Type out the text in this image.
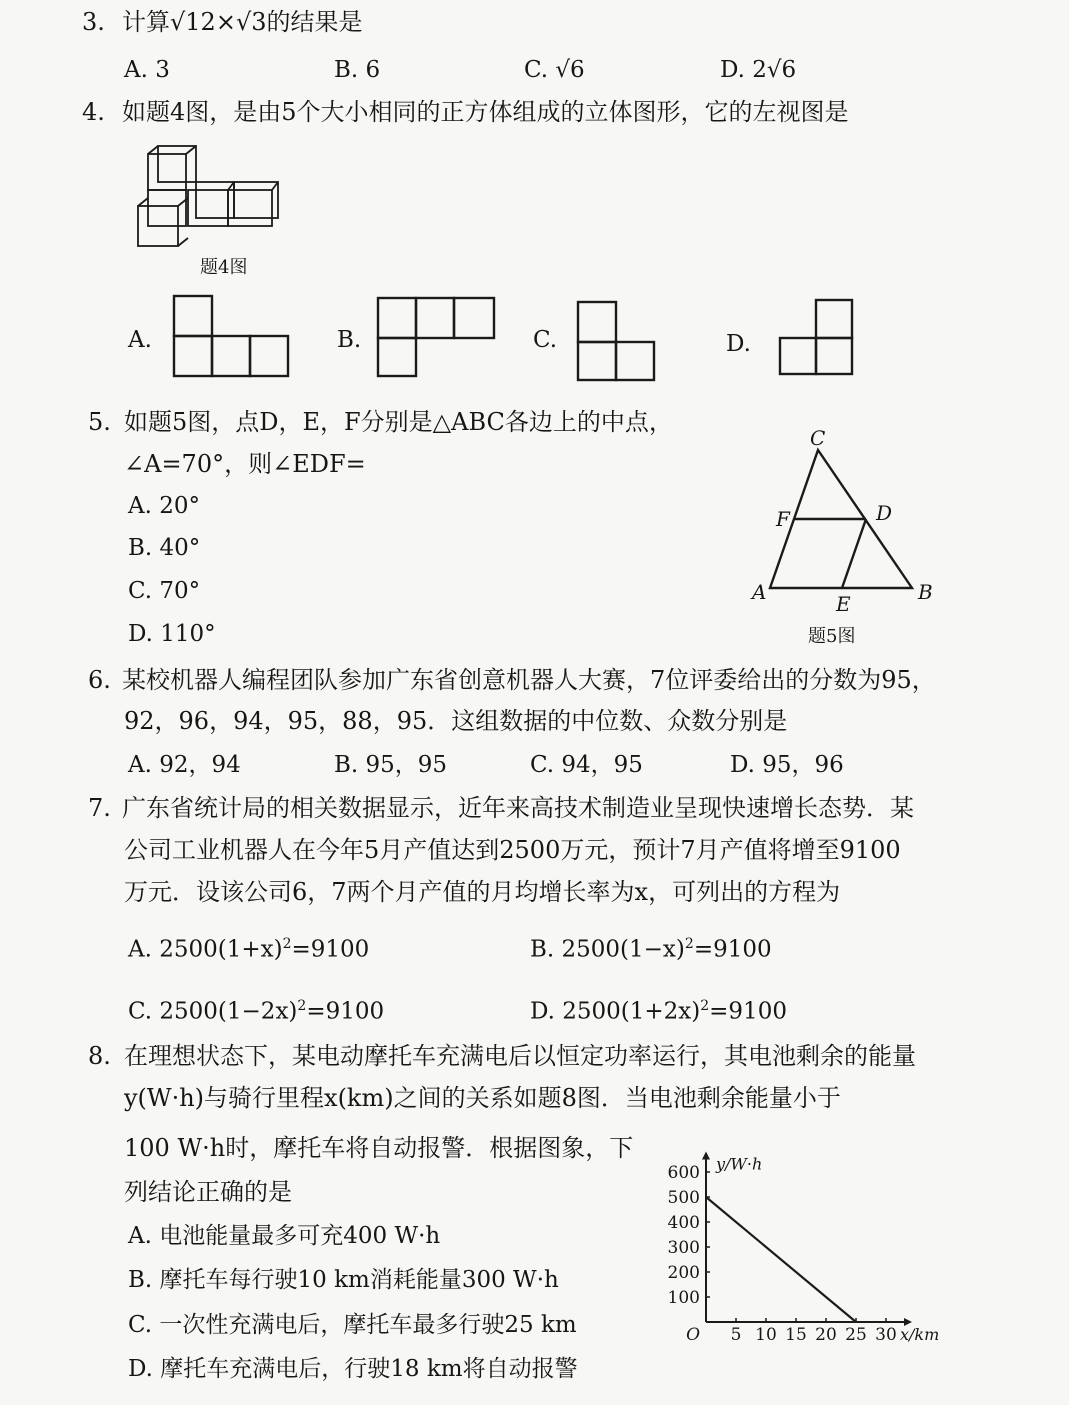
3. 计算√12×√3的结果是
A. 3	B. 6	C. √6	D. 2√6
4. 如题4图，是由5个大小相同的正方体组成的立体图形，它的左视图是
题4图
A.	B.	C.	D.
5. 如题5图，点D，E，F分别是△ABC各边上的中点，
∠A=70°，则∠EDF=
A. 20°
B. 40°
C. 70°
D. 110°
C
F	D
A	E	B
题5图
6. 某校机器人编程团队参加广东省创意机器人大赛，7位评委给出的分数为95，
92，96，94，95，88，95．这组数据的中位数、众数分别是
A. 92，94	B. 95，95	C. 94，95	D. 95，96
7. 广东省统计局的相关数据显示，近年来高技术制造业呈现快速增长态势．某
公司工业机器人在今年5月产值达到2500万元，预计7月产值将增至9100
万元．设该公司6，7两个月产值的月均增长率为x，可列出的方程为
A. $2500(1+x)^2=9100$	B. $2500(1-x)^2=9100$
C. $2500(1-2x)^2=9100$	D. $2500(1+2x)^2=9100$
8. 在理想状态下，某电动摩托车充满电后以恒定功率运行，其电池剩余的能量
y(W·h)与骑行里程x(km)之间的关系如题8图．当电池剩余能量小于
100 W·h时，摩托车将自动报警．根据图象，下
列结论正确的是
A. 电池能量最多可充400 W·h
B. 摩托车每行驶10 km消耗能量300 W·h
C. 一次性充满电后，摩托车最多行驶25 km
D. 摩托车充满电后，行驶18 km将自动报警
5 10 15 20 25 30
100
200
300
400
500
600
O	x/km
y/W·h
